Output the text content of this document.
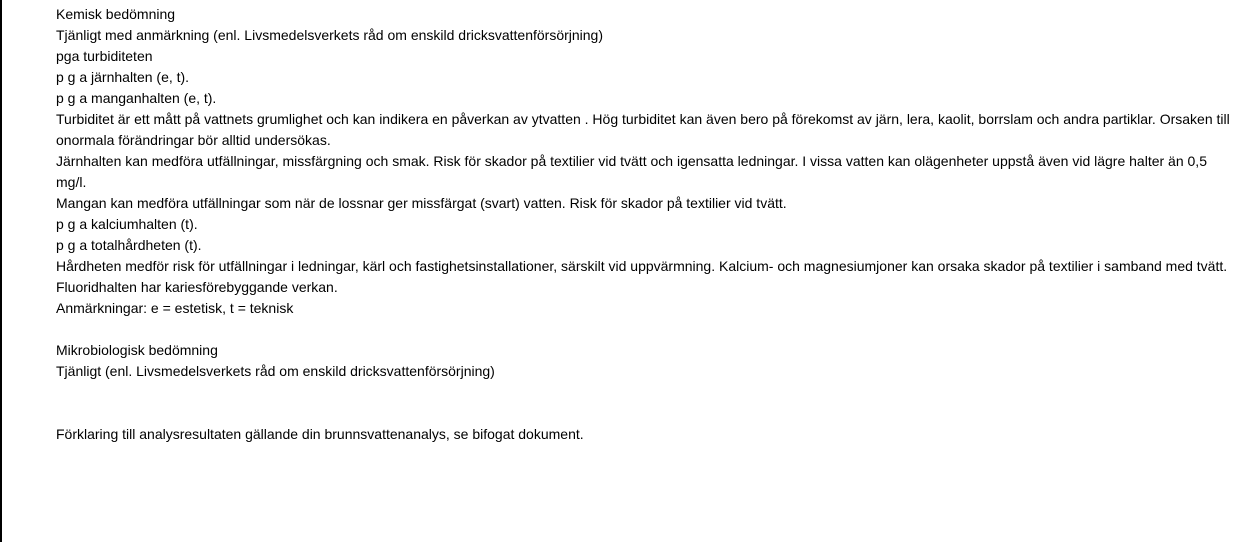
Kemisk bedömning
Tjänligt med anmärkning (enl. Livsmedelsverkets råd om enskild dricksvattenförsörjning)
pga turbiditeten
p g a järnhalten (e, t).
p g a manganhalten (e, t).
Turbiditet är ett mått på vattnets grumlighet och kan indikera en påverkan av ytvatten . Hög turbiditet kan även bero på förekomst av järn, lera, kaolit, borrslam och andra partiklar. Orsaken till onormala förändringar bör alltid undersökas.
Järnhalten kan medföra utfällningar, missfärgning och smak. Risk för skador på textilier vid tvätt och igensatta ledningar. I vissa vatten kan olägenheter uppstå även vid lägre halter än 0,5 mg/l.
Mangan kan medföra utfällningar som när de lossnar ger missfärgat (svart) vatten. Risk för skador på textilier vid tvätt.
p g a kalciumhalten (t).
p g a totalhårdheten (t).
Hårdheten medför risk för utfällningar i ledningar, kärl och fastighetsinstallationer, särskilt vid uppvärmning. Kalcium- och magnesiumjoner kan orsaka skador på textilier i samband med tvätt.
Fluoridhalten har kariesförebyggande verkan.
Anmärkningar: e = estetisk, t = teknisk
Mikrobiologisk bedömning
Tjänligt (enl. Livsmedelsverkets råd om enskild dricksvattenförsörjning)
Förklaring till analysresultaten gällande din brunnsvattenanalys, se bifogat dokument.
